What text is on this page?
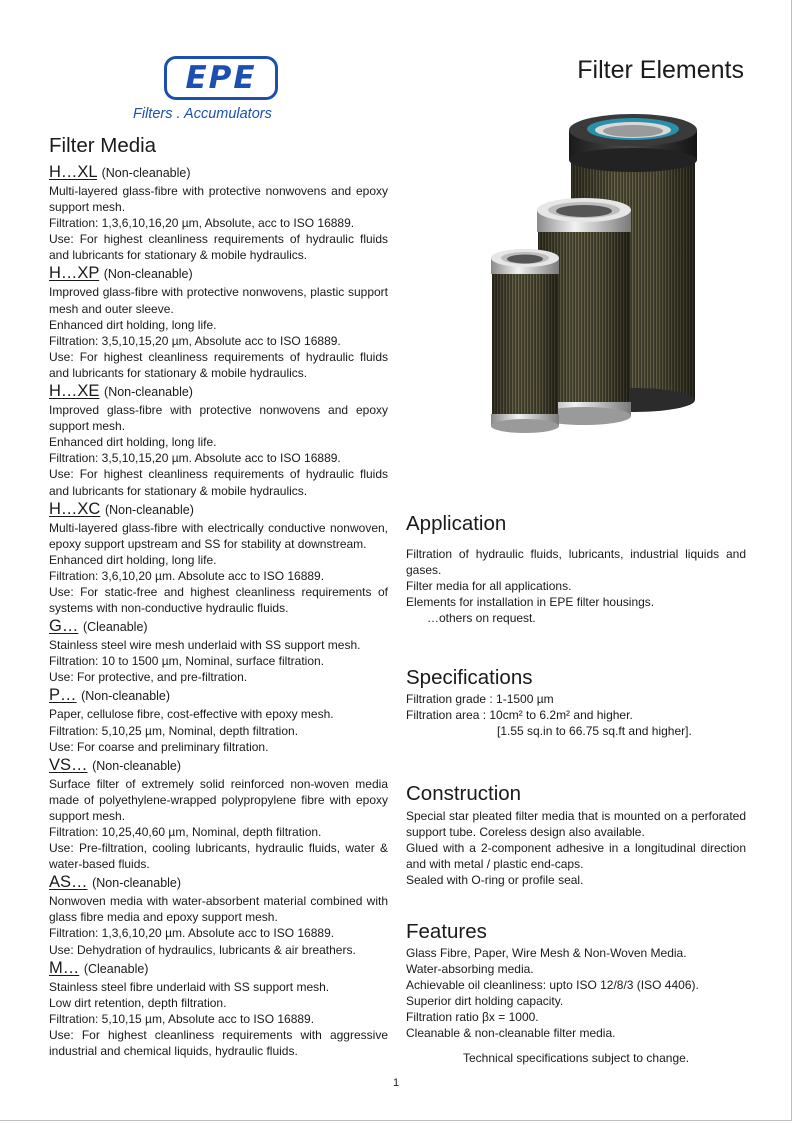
EPE
Filters . Accumulators
Filter Elements
Filter Media
H…XL (Non-cleanable)

Multi-layered glass-fibre with protective nonwovens and epoxy support mesh.

Filtration: 1,3,6,10,16,20 µm, Absolute, acc to ISO 16889.

Use: For highest cleanliness requirements of hydraulic fluids and lubricants for stationary & mobile hydraulics.

H…XP (Non-cleanable)

Improved glass-fibre with protective nonwovens, plastic support mesh and outer sleeve.

Enhanced dirt holding, long life.

Filtration: 3,5,10,15,20 µm, Absolute acc to ISO 16889.

Use: For highest cleanliness requirements of hydraulic fluids and lubricants for stationary & mobile hydraulics.

H…XE (Non-cleanable)

Improved glass-fibre with protective nonwovens and epoxy support mesh.

Enhanced dirt holding, long life.

Filtration: 3,5,10,15,20 µm. Absolute acc to ISO 16889.

Use: For highest cleanliness requirements of hydraulic fluids and lubricants for stationary & mobile hydraulics.

H…XC (Non-cleanable)

Multi-layered glass-fibre with electrically conductive nonwoven, epoxy support upstream and SS for stability at downstream.

Enhanced dirt holding, long life.

Filtration: 3,6,10,20 µm. Absolute acc to ISO 16889.

Use: For static-free and highest cleanliness requirements of systems with non-conductive hydraulic fluids.

G… (Cleanable)

Stainless steel wire mesh underlaid with SS support mesh.

Filtration: 10 to 1500 µm, Nominal, surface filtration.

Use: For protective, and pre-filtration.

P… (Non-cleanable)

Paper, cellulose fibre, cost-effective with epoxy mesh.

Filtration: 5,10,25 µm, Nominal, depth filtration.

Use: For coarse and preliminary filtration.

VS… (Non-cleanable)

Surface filter of extremely solid reinforced non-woven media made of polyethylene-wrapped polypropylene fibre with epoxy support mesh.

Filtration: 10,25,40,60 µm, Nominal, depth filtration.

Use: Pre-filtration, cooling lubricants, hydraulic fluids, water & water-based fluids.

AS… (Non-cleanable)

Nonwoven media with water-absorbent material combined with glass fibre media and epoxy support mesh.

Filtration: 1,3,6,10,20 µm. Absolute acc to ISO 16889.

Use: Dehydration of hydraulics, lubricants & air breathers.

M… (Cleanable)

Stainless steel fibre underlaid with SS support mesh.

Low dirt retention, depth filtration.

Filtration: 5,10,15 µm, Absolute acc to ISO 16889.

Use: For highest cleanliness requirements with aggressive industrial and chemical liquids, hydraulic fluids.

Application

Filtration of hydraulic fluids, lubricants, industrial liquids and gases.

Filter media for all applications.

Elements for installation in EPE filter housings.

…others on request.

Specifications

Filtration grade : 1-1500 µm

Filtration area : 10cm² to 6.2m² and higher.

[1.55 sq.in to 66.75 sq.ft and higher].

Construction

Special star pleated filter media that is mounted on a perforated support tube. Coreless design also available.

Glued with a 2-component adhesive in a longitudinal direction and with metal / plastic end-caps.

Sealed with O-ring or profile seal.

Features

Glass Fibre, Paper, Wire Mesh & Non-Woven Media.

Water-absorbing media.

Achievable oil cleanliness: upto ISO 12/8/3 (ISO 4406).

Superior dirt holding capacity.

Filtration ratio βx = 1000.

Cleanable & non-cleanable filter media.

Technical specifications subject to change.
1
